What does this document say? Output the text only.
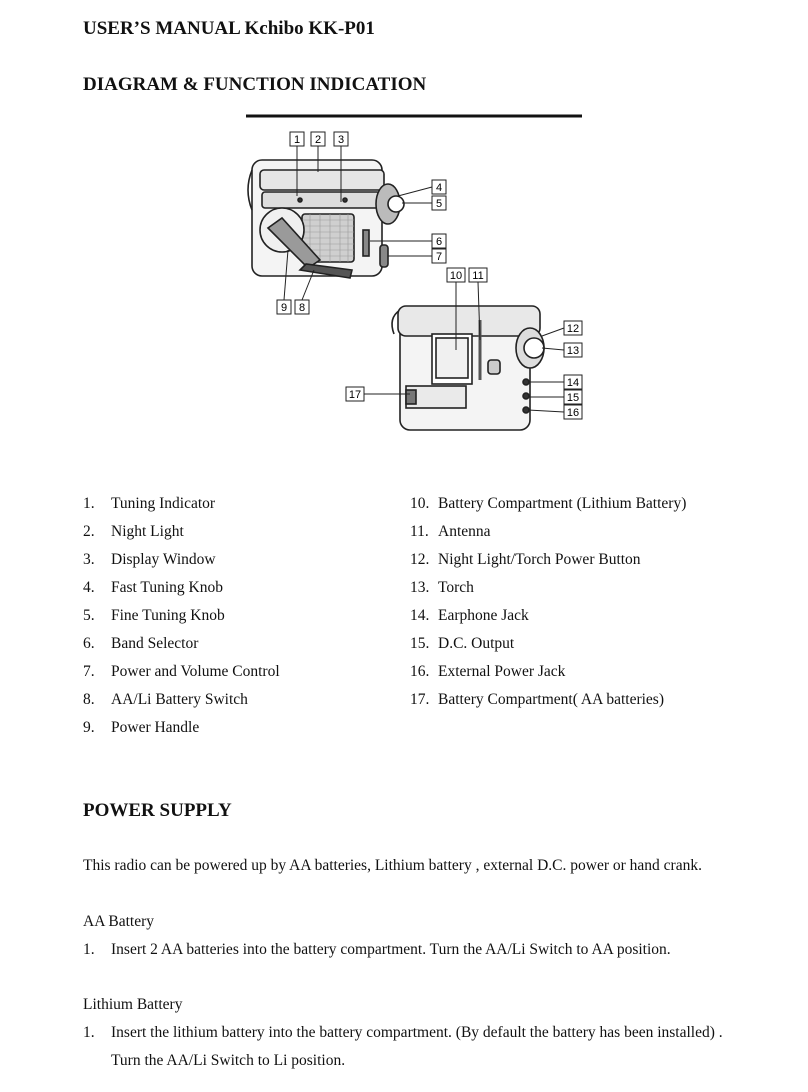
USER’S MANUAL Kchibo KK-P01
DIAGRAM & FUNCTION INDICATION
1 2 3
4
5
6
7
9 8
10 11
12
13
14
15
16
17
1. Tuning Indicator
2. Night Light
3. Display Window
4. Fast Tuning Knob
5. Fine Tuning Knob
6. Band Selector
7. Power and Volume Control
8. AA/Li Battery Switch
9. Power Handle
10. Battery Compartment (Lithium Battery)
11. Antenna
12. Night Light/Torch Power Button
13. Torch
14. Earphone Jack
15. D.C. Output
16. External Power Jack
17. Battery Compartment( AA batteries)
POWER SUPPLY

This radio can be powered up by AA batteries, Lithium battery , external D.C. power or hand crank.

AA Battery

1. Insert 2 AA batteries into the battery compartment. Turn the AA/Li Switch to AA position.

Lithium Battery

1. Insert the lithium battery into the battery compartment. (By default the battery has been installed) .

Turn the AA/Li Switch to Li position.
